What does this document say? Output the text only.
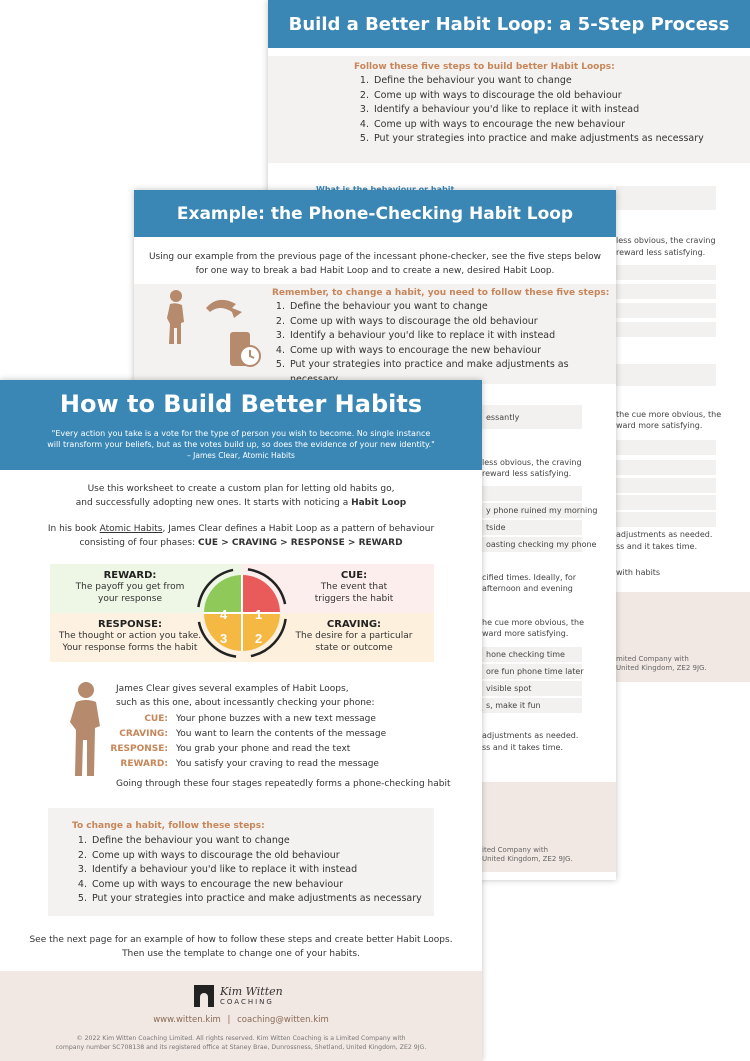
Build a Better Habit Loop: a 5-Step Process
Follow these five steps to build better Habit Loops:
1. Define the behaviour you want to change
2. Come up with ways to discourage the old behaviour
3. Identify a behaviour you'd like to replace it with instead
4. Come up with ways to encourage the new behaviour
5. Put your strategies into practice and make adjustments as necessary
less obvious, the craving
reward less satisfying.
the cue more obvious, the
ward more satisfying.
adjustments as needed.
ss and it takes time.
with habits
mited Company with
United Kingdom, ZE2 9JG.
Example: the Phone-Checking Habit Loop
Using our example from the previous page of the incessant phone-checker, see the five steps below
for one way to break a bad Habit Loop and to create a new, desired Habit Loop.
Remember, to change a habit, you need to follow these five steps:
1. Define the behaviour you want to change
2. Come up with ways to discourage the old behaviour
3. Identify a behaviour you'd like to replace it with instead
4. Come up with ways to encourage the new behaviour
5. Put your strategies into practice and make adjustments as
essantly
less obvious, the craving
reward less satisfying.
y phone ruined my morning
tside
oasting checking my phone
cified times. Ideally, for
afternoon and evening
he cue more obvious, the
ward more satisfying.
hone checking time
ore fun phone time later
visible spot
s, make it fun
adjustments as needed.
ss and it takes time.
ited Company with
United Kingdom, ZE2 9JG.
How to Build Better Habits
"Every action you take is a vote for the type of person you wish to become. No single instance
will transform your beliefs, but as the votes build up, so does the evidence of your new identity."
– James Clear, Atomic Habits
Use this worksheet to create a custom plan for letting old habits go,
and successfully adopting new ones. It starts with noticing a Habit Loop
In his book Atomic Habits, James Clear defines a Habit Loop as a pattern of behaviour
consisting of four phases: CUE > CRAVING > RESPONSE > REWARD
REWARD:
The payoff you get from
your response
CUE:
The event that
triggers the habit
RESPONSE:
The thought or action you take.
Your response forms the habit
CRAVING:
The desire for a particular
state or outcome
1
2
3
4
James Clear gives several examples of Habit Loops,
such as this one, about incessantly checking your phone:
CUE: Your phone buzzes with a new text message
CRAVING: You want to learn the contents of the message
RESPONSE: You grab your phone and read the text
REWARD: You satisfy your craving to read the message
Going through these four stages repeatedly forms a phone-checking habit
To change a habit, follow these steps:
1. Define the behaviour you want to change
2. Come up with ways to discourage the old behaviour
3. Identify a behaviour you'd like to replace it with instead
4. Come up with ways to encourage the new behaviour
5. Put your strategies into practice and make adjustments as necessary
See the next page for an example of how to follow these steps and create better Habit Loops.
Then use the template to change one of your habits.
Kim Witten
COACHING
www.witten.kim | coaching@witten.kim
© 2022 Kim Witten Coaching Limited. All rights reserved. Kim Witten Coaching is a Limited Company with
company number SC708138 and its registered office at Staney Brae, Dunrossness, Shetland, United Kingdom, ZE2 9JG.
